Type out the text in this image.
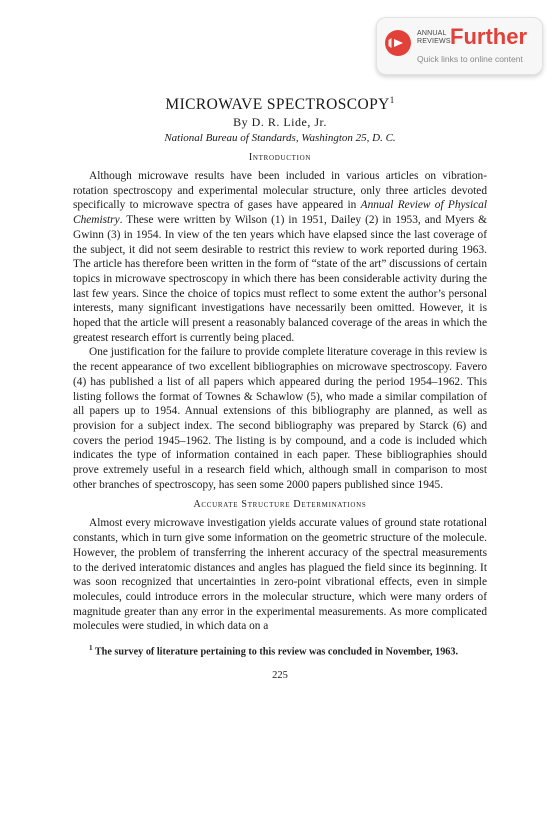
ANNUAL REVIEWS Further
Quick links to online content
MICROWAVE SPECTROSCOPY$^1$
By D. R. Lide, Jr.
National Bureau of Standards, Washington 25, D. C.
Introduction

Although microwave results have been included in various articles on vibration-rotation spectroscopy and experimental molecular structure, only three articles devoted specifically to microwave spectra of gases have appeared in Annual Review of Physical Chemistry. These were written by Wilson (1) in 1951, Dailey (2) in 1953, and Myers & Gwinn (3) in 1954. In view of the ten years which have elapsed since the last coverage of the subject, it did not seem desirable to restrict this review to work reported during 1963. The article has therefore been written in the form of “state of the art” discussions of certain topics in microwave spectroscopy in which there has been considerable activity during the last few years. Since the choice of topics must reflect to some extent the author’s personal interests, many significant investigations have necessarily been omitted. However, it is hoped that the article will present a reasonably balanced coverage of the areas in which the greatest research effort is currently being placed.

One justification for the failure to provide complete literature coverage in this review is the recent appearance of two excellent bibliographies on microwave spectroscopy. Favero (4) has published a list of all papers which appeared during the period 1954–1962. This listing follows the format of Townes & Schawlow (5), who made a similar compilation of all papers up to 1954. Annual extensions of this bibliography are planned, as well as provision for a subject index. The second bibliography was prepared by Starck (6) and covers the period 1945–1962. The listing is by compound, and a code is included which indicates the type of information contained in each paper. These bibliographies should prove extremely useful in a research field which, although small in comparison to most other branches of spectroscopy, has seen some 2000 papers published since 1945.

Accurate Structure Determinations

Almost every microwave investigation yields accurate values of ground state rotational constants, which in turn give some information on the geometric structure of the molecule. However, the problem of transferring the inherent accuracy of the spectral measurements to the derived interatomic distances and angles has plagued the field since its beginning. It was soon recognized that uncertainties in zero-point vibrational effects, even in simple molecules, could introduce errors in the molecular structure, which were many orders of magnitude greater than any error in the experimental measurements. As more complicated molecules were studied, in which data on a

$^1$ The survey of literature pertaining to this review was concluded in November, 1963.

225
